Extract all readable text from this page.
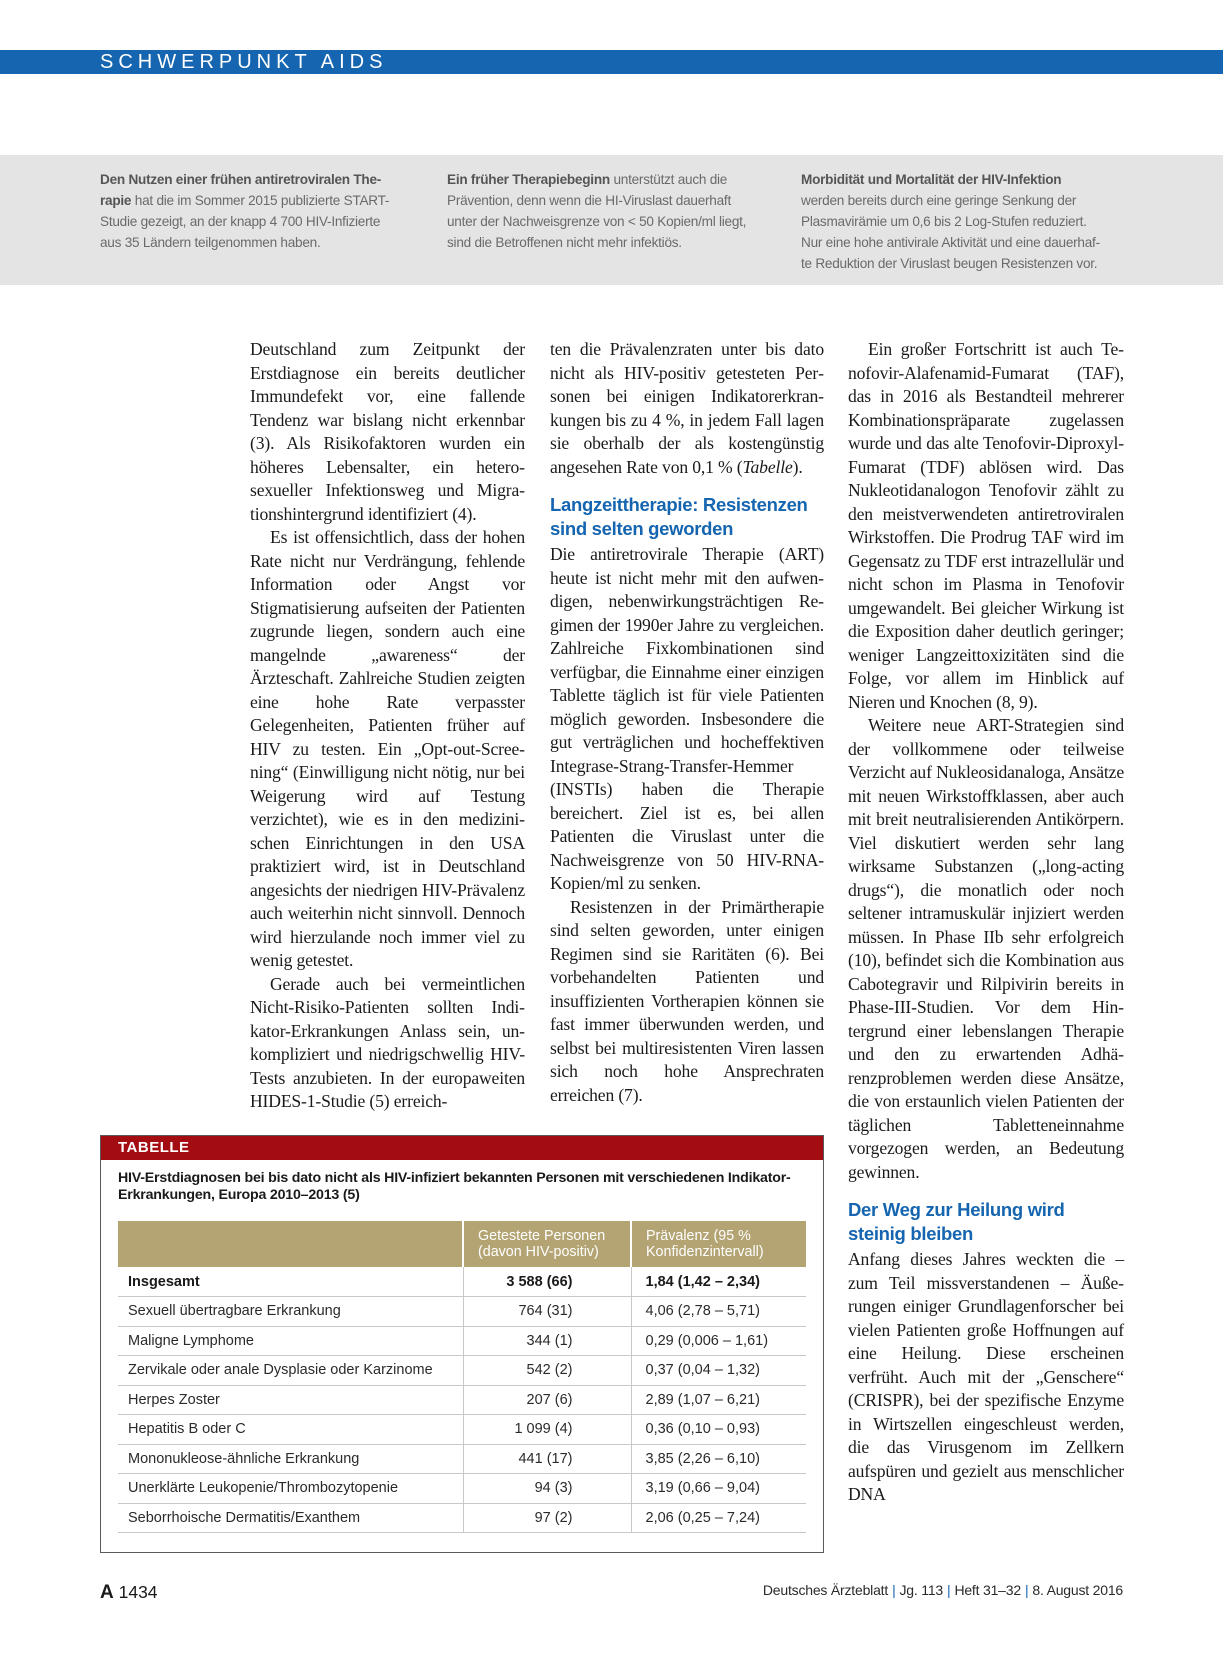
SCHWERPUNKT AIDS

Den Nutzen einer frühen antiretroviralen The-

rapie hat die im Sommer 2015 publizierte START-

Studie gezeigt, an der knapp 4 700 HIV-Infizierte

aus 35 Ländern teilgenommen haben.

Ein früher Therapiebeginn unterstützt auch die

Prävention, denn wenn die HI-Viruslast dauerhaft

unter der Nachweisgrenze von < 50 Kopien/ml liegt,

sind die Betroffenen nicht mehr infektiös.

Morbidität und Mortalität der HIV-Infektion

werden bereits durch eine geringe Senkung der

Plasmavirämie um 0,6 bis 2 Log-Stufen reduziert.

Nur eine hohe antivirale Aktivität und eine dauerhaf-

te Reduktion der Viruslast beugen Resistenzen vor.

Deutschland zum Zeitpunkt der Erstdiagnose ein bereits deutlicher Immundefekt vor, eine fallende Tendenz war bislang nicht erkennbar (3). Als Risikofaktoren wurden ein höheres Lebensalter, ein heterosexueller Infektionsweg und Migrationshintergrund identifiziert (4).

Es ist offensichtlich, dass der hohen Rate nicht nur Verdrängung, fehlende Information oder Angst vor Stigmatisierung aufseiten der Patienten zugrunde liegen, sondern auch eine mangelnde „awareness“ der Ärzteschaft. Zahlreiche Studien zeigten eine hohe Rate verpasster Gelegenheiten, Patienten früher auf HIV zu testen. Ein „Opt-out-Screening“ (Einwilligung nicht nötig, nur bei Weigerung wird auf Testung verzichtet), wie es in den medizinischen Einrichtungen in den USA praktiziert wird, ist in Deutschland angesichts der niedrigen HIV-Prävalenz auch weiterhin nicht sinnvoll. Dennoch wird hierzulande noch immer viel zu wenig getestet.

Gerade auch bei vermeintlichen Nicht-Risiko-Patienten sollten Indikator-Erkrankungen Anlass sein, unkompliziert und niedrigschwellig HIV-Tests anzubieten. In der europaweiten HIDES-1-Studie (5) erreich-

ten die Prävalenzraten unter bis dato nicht als HIV-positiv getesteten Personen bei einigen Indikatorerkrankungen bis zu 4 %, in jedem Fall lagen sie oberhalb der als kostengünstig angesehen Rate von 0,1 % (Tabelle).

Langzeittherapie: Resistenzen sind selten geworden

Die antiretrovirale Therapie (ART) heute ist nicht mehr mit den aufwendigen, nebenwirkungsträchtigen Regimen der 1990er Jahre zu vergleichen. Zahlreiche Fixkombinationen sind verfügbar, die Einnahme einer einzigen Tablette täglich ist für viele Patienten möglich geworden. Insbesondere die gut verträglichen und hocheffektiven Integrase-Strang-Transfer-Hemmer (INSTIs) haben die Therapie bereichert. Ziel ist es, bei allen Patienten die Viruslast unter die Nachweisgrenze von 50 HIV-RNA-Kopien/ml zu senken.

Resistenzen in der Primärtherapie sind selten geworden, unter einigen Regimen sind sie Raritäten (6). Bei vorbehandelten Patienten und insuffizienten Vortherapien können sie fast immer überwunden werden, und selbst bei multiresistenten Viren lassen sich noch hohe Ansprechraten erreichen (7).

Ein großer Fortschritt ist auch Tenofovir-Alafenamid-Fumarat (TAF), das in 2016 als Bestandteil mehrerer Kombinationspräparate zugelassen wurde und das alte Tenofovir-Diproxyl-Fumarat (TDF) ablösen wird. Das Nukleotidanalogon Tenofovir zählt zu den meistverwendeten antiretroviralen Wirkstoffen. Die Prodrug TAF wird im Gegensatz zu TDF erst intrazellulär und nicht schon im Plasma in Tenofovir umgewandelt. Bei gleicher Wirkung ist die Exposition daher deutlich geringer; weniger Langzeittoxizitäten sind die Folge, vor allem im Hinblick auf Nieren und Knochen (8, 9).

Weitere neue ART-Strategien sind der vollkommene oder teilweise Verzicht auf Nukleosidanaloga, Ansätze mit neuen Wirkstoffklassen, aber auch mit breit neutralisierenden Antikörpern. Viel diskutiert werden sehr lang wirksame Substanzen („long-acting drugs“), die monatlich oder noch seltener intramuskulär injiziert werden müssen. In Phase IIb sehr erfolgreich (10), befindet sich die Kombination aus Cabotegravir und Rilpivirin bereits in Phase-III-Studien. Vor dem Hintergrund einer lebenslangen Therapie und den zu erwartenden Adhärenzproblemen werden diese Ansätze, die von erstaunlich vielen Patienten der täglichen Tabletteneinnahme vorgezogen werden, an Bedeutung gewinnen.

Der Weg zur Heilung wird steinig bleiben

Anfang dieses Jahres weckten die – zum Teil missverstandenen – Äußerungen einiger Grundlagenforscher bei vielen Patienten große Hoffnungen auf eine Heilung. Diese erscheinen verfrüht. Auch mit der „Genschere“ (CRISPR), bei der spezifische Enzyme in Wirtszellen eingeschleust werden, die das Virusgenom im Zellkern aufspüren und gezielt aus menschlicher DNA

TABELLE
HIV-Erstdiagnosen bei bis dato nicht als HIV-infiziert bekannten Personen mit verschiedenen Indikator-Erkrankungen, Europa 2010–2013 (5)
	Getestete Personen (davon HIV-positiv)	Prävalenz (95 % Konfidenzintervall)
Insgesamt	3 588 (66)	1,84 (1,42 – 2,34)
Sexuell übertragbare Erkrankung	764 (31)	4,06 (2,78 – 5,71)
Maligne Lymphome	344 (1)	0,29 (0,006 – 1,61)
Zervikale oder anale Dysplasie oder Karzinome	542 (2)	0,37 (0,04 – 1,32)
Herpes Zoster	207 (6)	2,89 (1,07 – 6,21)
Hepatitis B oder C	1 099 (4)	0,36 (0,10 – 0,93)
Mononukleose-ähnliche Erkrankung	441 (17)	3,85 (2,26 – 6,10)
Unerklärte Leukopenie/Thrombozytopenie	94 (3)	3,19 (0,66 – 9,04)
Seborrhoische Dermatitis/Exanthem	97 (2)	2,06 (0,25 – 7,24)
A 1434	Deutsches Ärzteblatt | Jg. 113 | Heft 31–32 | 8. August 2016
